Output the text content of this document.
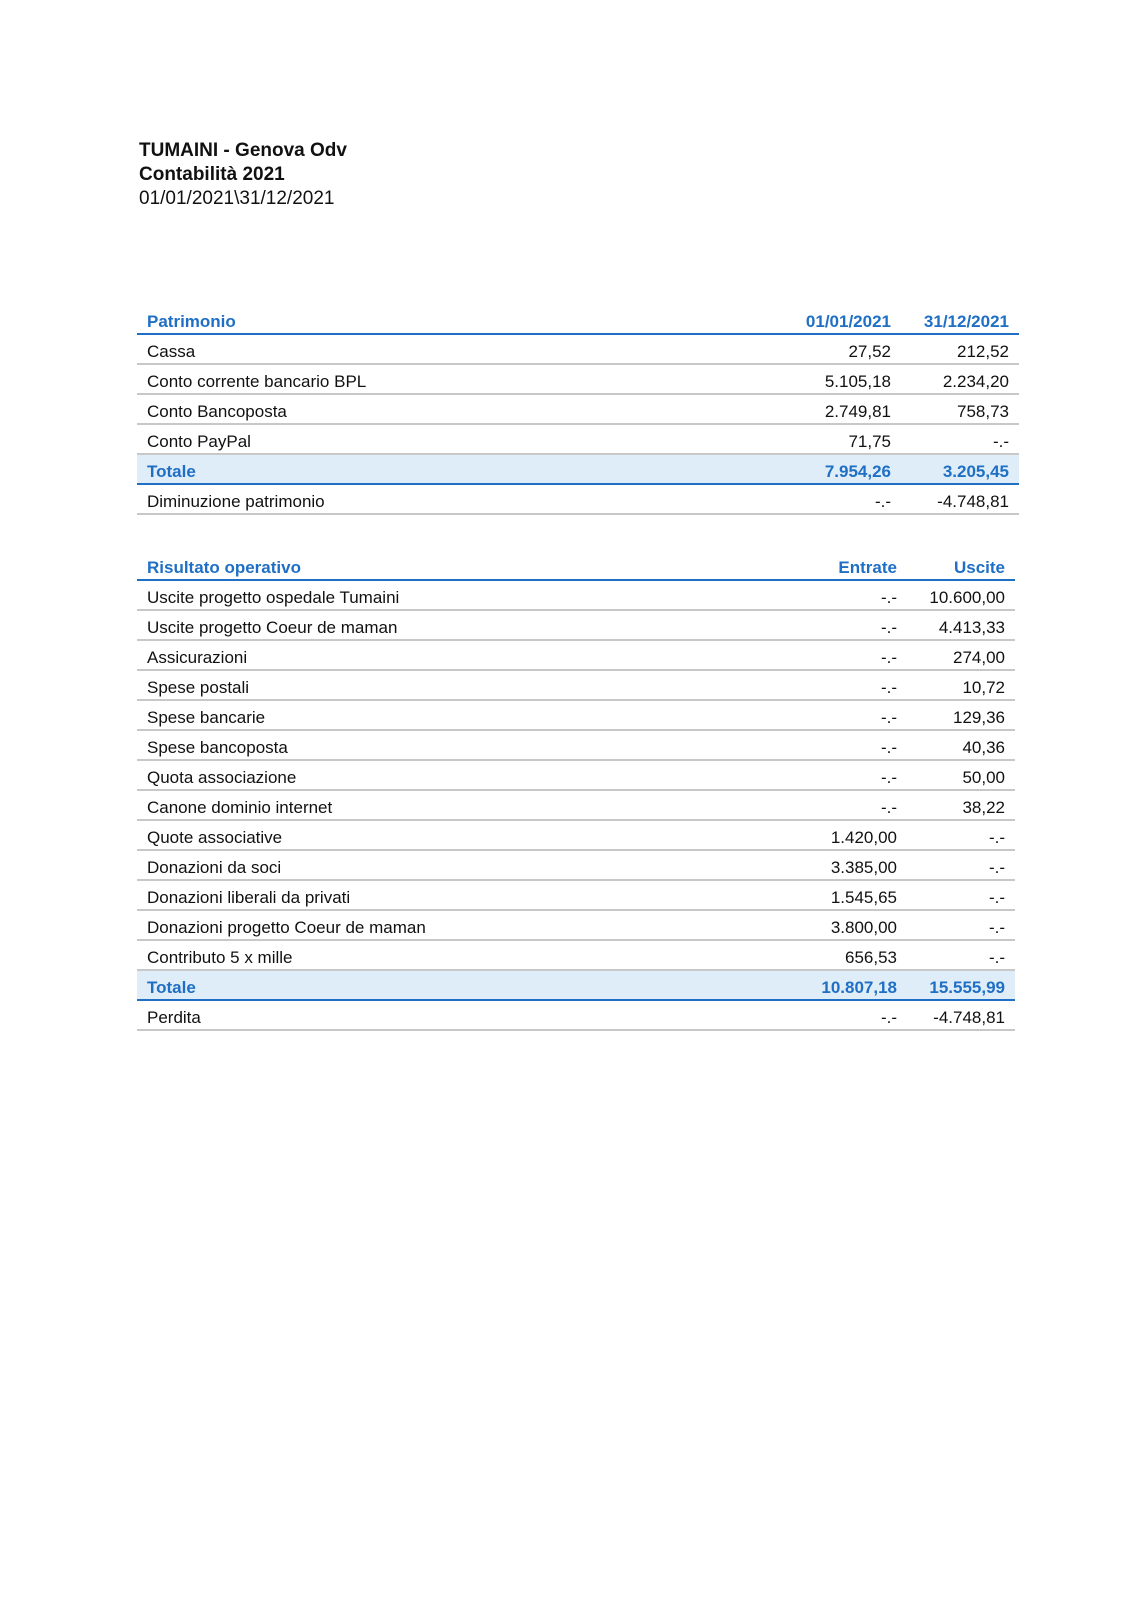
TUMAINI - Genova Odv
Contabilità 2021
01/01/2021\31/12/2021
Patrimonio	01/01/2021	31/12/2021
Cassa	27,52	212,52
Conto corrente bancario BPL	5.105,18	2.234,20
Conto Bancoposta	2.749,81	758,73
Conto PayPal	71,75	-.-
Totale	7.954,26	3.205,45
Diminuzione patrimonio	-.-	-4.748,81
Risultato operativo	Entrate	Uscite
Uscite progetto ospedale Tumaini	-.-	10.600,00
Uscite progetto Coeur de maman	-.-	4.413,33
Assicurazioni	-.-	274,00
Spese postali	-.-	10,72
Spese bancarie	-.-	129,36
Spese bancoposta	-.-	40,36
Quota associazione	-.-	50,00
Canone dominio internet	-.-	38,22
Quote associative	1.420,00	-.-
Donazioni da soci	3.385,00	-.-
Donazioni liberali da privati	1.545,65	-.-
Donazioni progetto Coeur de maman	3.800,00	-.-
Contributo 5 x mille	656,53	-.-
Totale	10.807,18	15.555,99
Perdita	-.-	-4.748,81
